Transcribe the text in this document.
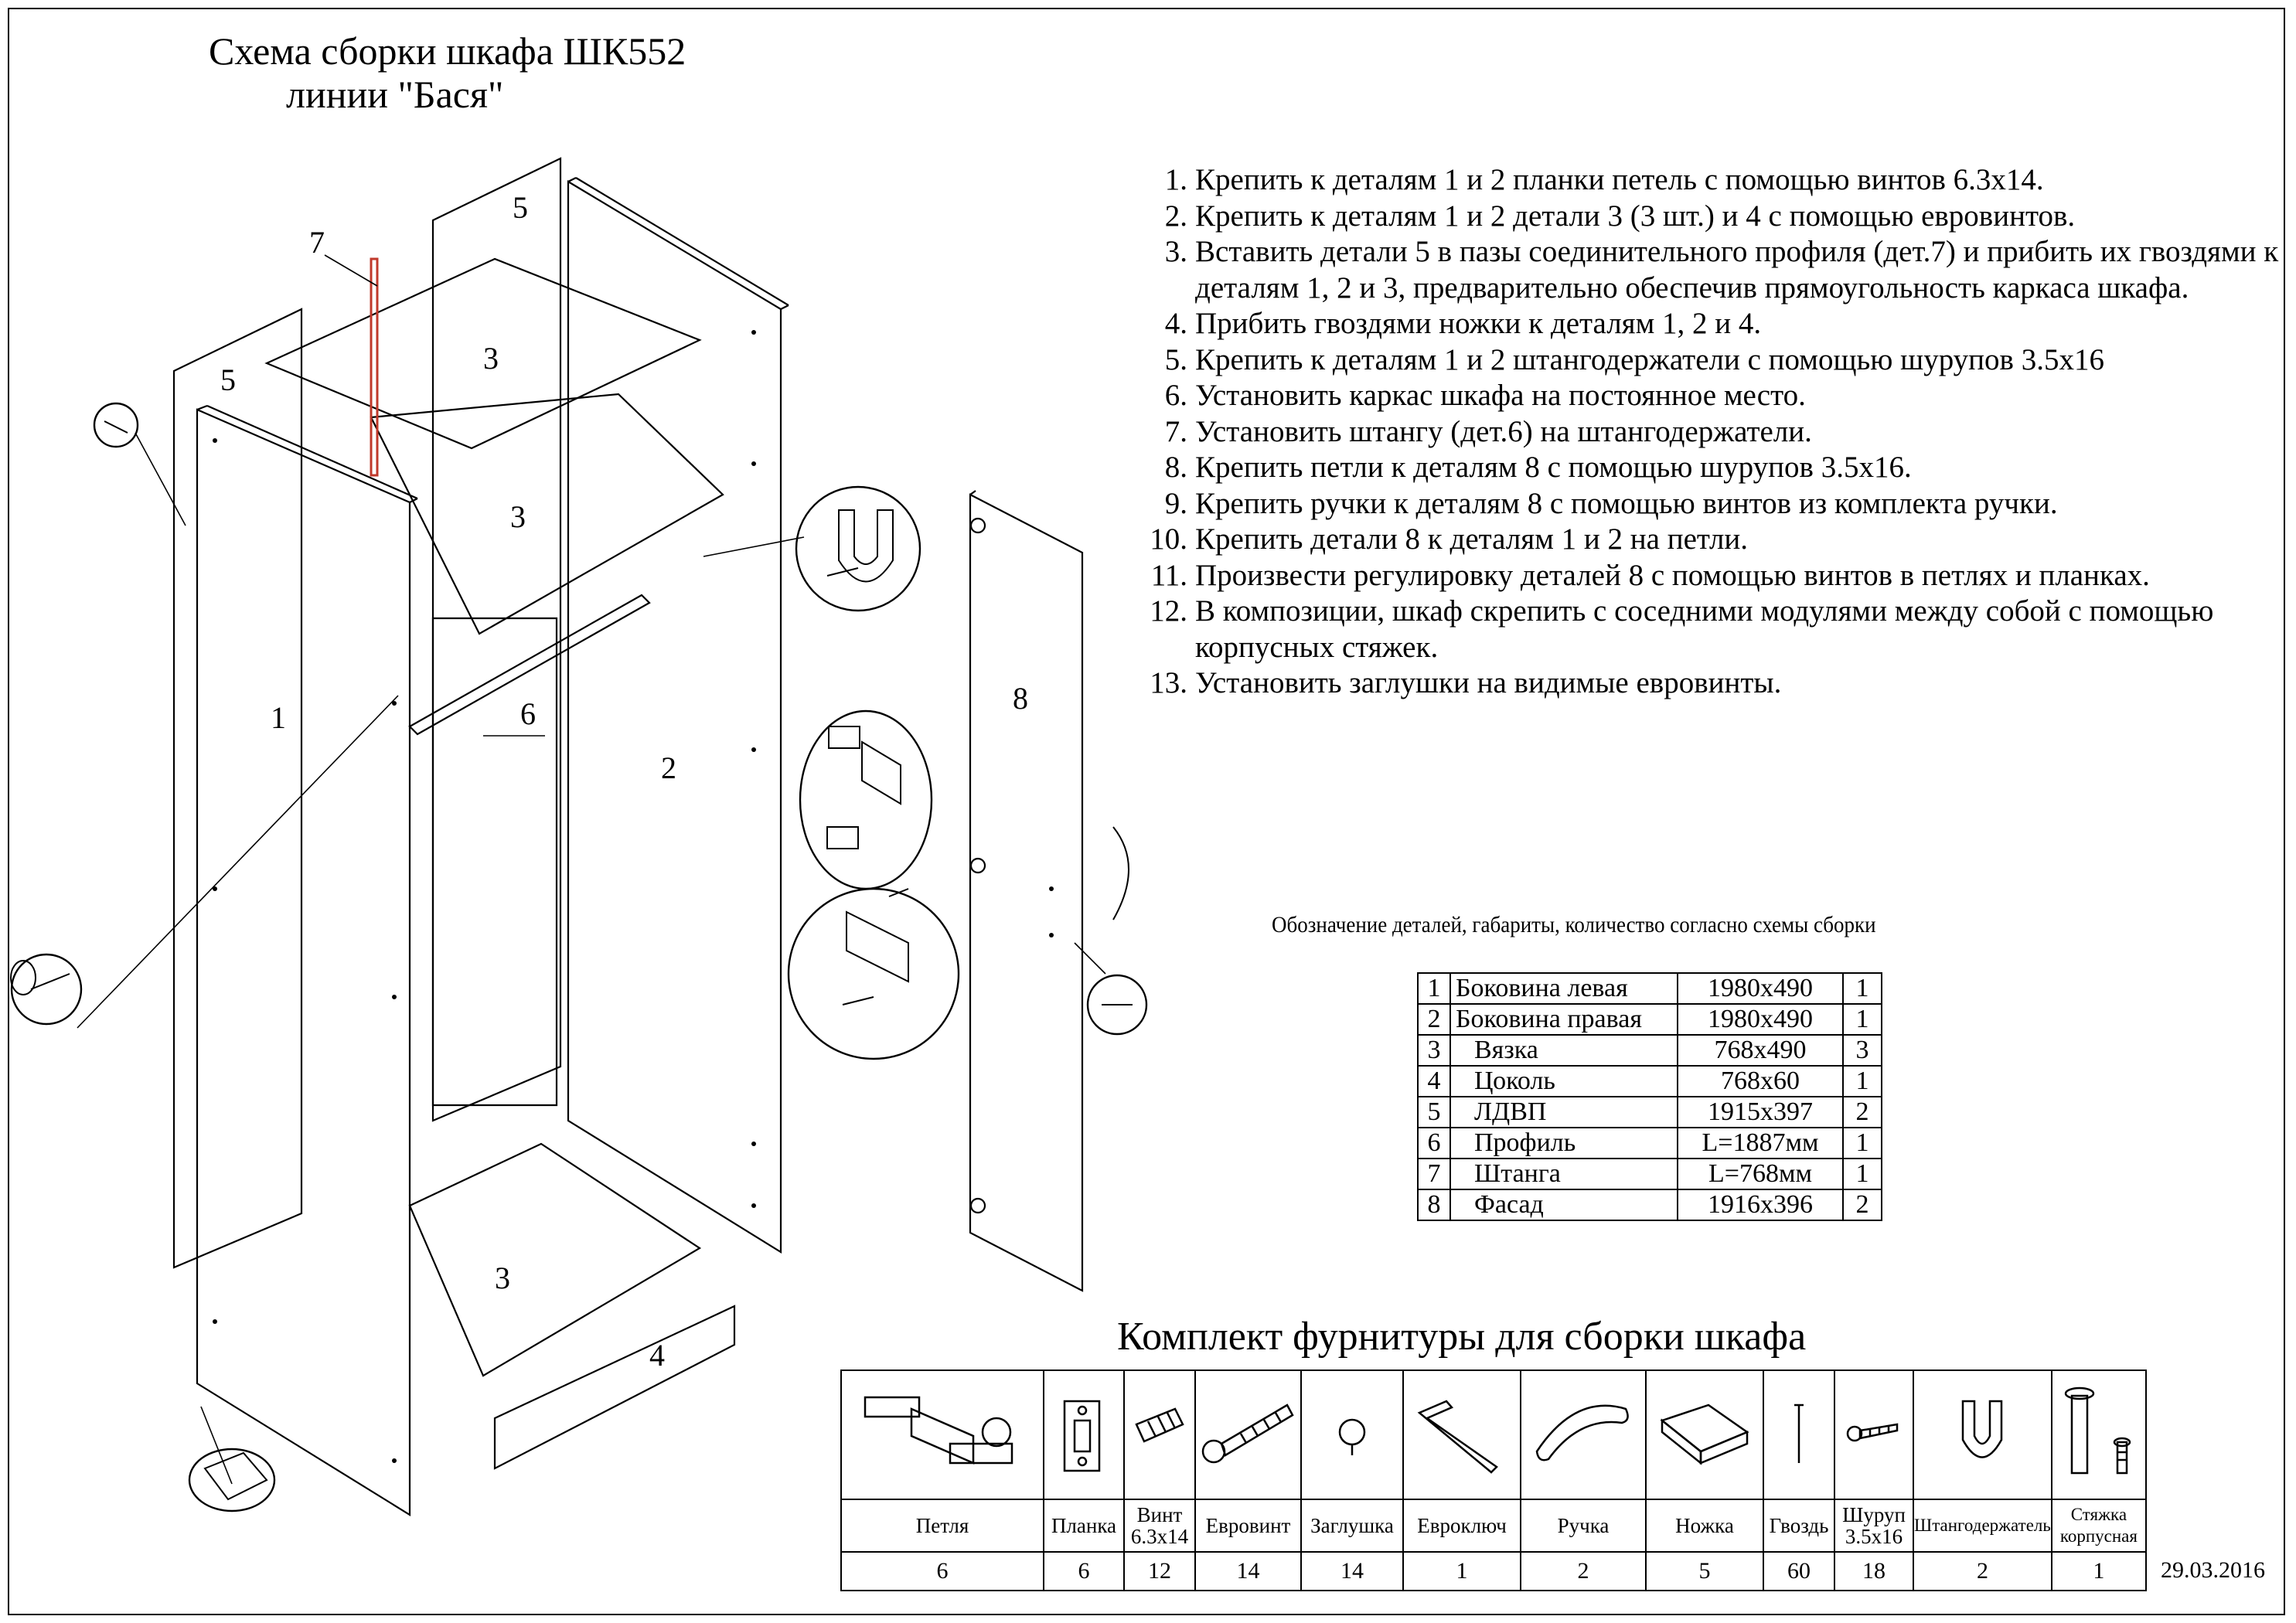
7
5
5
3
3
3
1	6
2
8
4
Схема сборки шкафа ШК552
линии "Бася"
1. Крепить к деталям 1 и 2 планки петель с помощью винтов 6.3х14.
2. Крепить к деталям 1 и 2 детали 3 (3 шт.) и 4 с помощью евровинтов.
3. Вставить детали 5 в пазы соединительного профиля (дет.7) и прибить их гвоздями к деталям 1, 2 и 3, предварительно обеспечив прямоугольность каркаса шкафа.
4. Прибить гвоздями ножки к деталям 1, 2 и 4.
5. Крепить к деталям 1 и 2 штангодержатели с помощью шурупов 3.5х16
6. Установить каркас шкафа на постоянное место.
7. Установить штангу (дет.6) на штангодержатели.
8. Крепить петли к деталям 8 с помощью шурупов 3.5х16.
9. Крепить ручки к деталям 8 с помощью винтов из комплекта ручки.
10. Крепить детали 8 к деталям 1 и 2 на петли.
11. Произвести регулировку деталей 8 с помощью винтов в петлях и планках.
12. В композиции, шкаф скрепить с соседними модулями между собой с помощью корпусных стяжек.
13. Установить заглушки на видимые евровинты.
Обозначение деталей, габариты, количество согласно схемы сборки
1	Боковина левая	1980х490	1
2	Боковина правая	1980х490	1
3	Вязка	768х490	3
4	Цоколь	768х60	1
5	ЛДВП	1915х397	2
6	Профиль	L=1887мм	1
7	Штанга	L=768мм	1
8	Фасад	1916х396	2
Комплект фурнитуры для сборки шкафа

Петля	Планка	Винт 6.3х14	Евровинт	Заглушка	Евроключ	Ручка	Ножка	Гвоздь	Шуруп 3.5х16	Штангодержатель	Стяжка корпусная
6	6	12	14	14	1	2	5	60	18	2	1 29.03.2016
